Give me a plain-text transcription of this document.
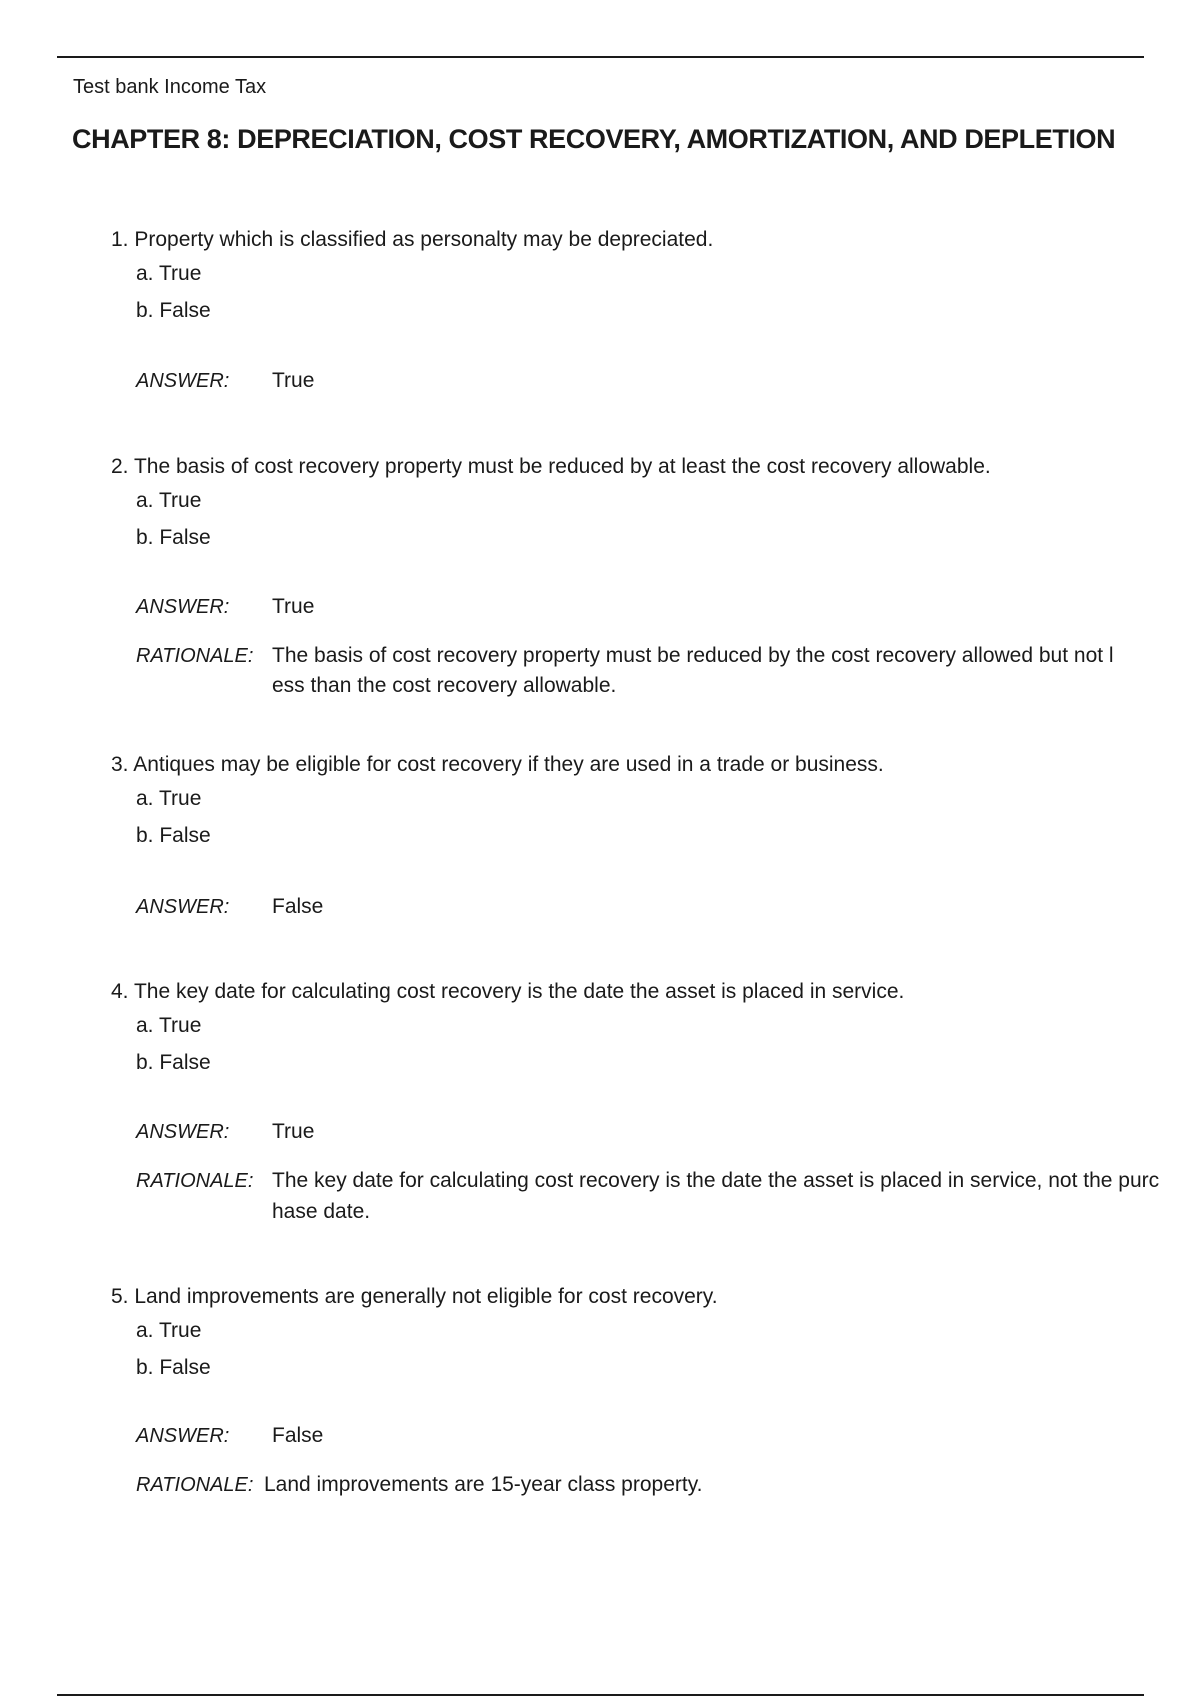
Test bank Income Tax
CHAPTER 8: DEPRECIATION, COST RECOVERY, AMORTIZATION, AND DEPLETION
1. Property which is classified as personalty may be depreciated.
a. True
b. False
ANSWER: True
2. The basis of cost recovery property must be reduced by at least the cost recovery allowable.
a. True
b. False
ANSWER: True
RATIONALE: The basis of cost recovery property must be reduced by the cost recovery allowed but not l
ess than the cost recovery allowable.
3. Antiques may be eligible for cost recovery if they are used in a trade or business.
a. True
b. False
ANSWER: False
4. The key date for calculating cost recovery is the date the asset is placed in service.
a. True
b. False
ANSWER: True
RATIONALE: The key date for calculating cost recovery is the date the asset is placed in service, not the purc
hase date.
5. Land improvements are generally not eligible for cost recovery.
a. True
b. False
ANSWER: False
RATIONALE: Land improvements are 15-year class property.
